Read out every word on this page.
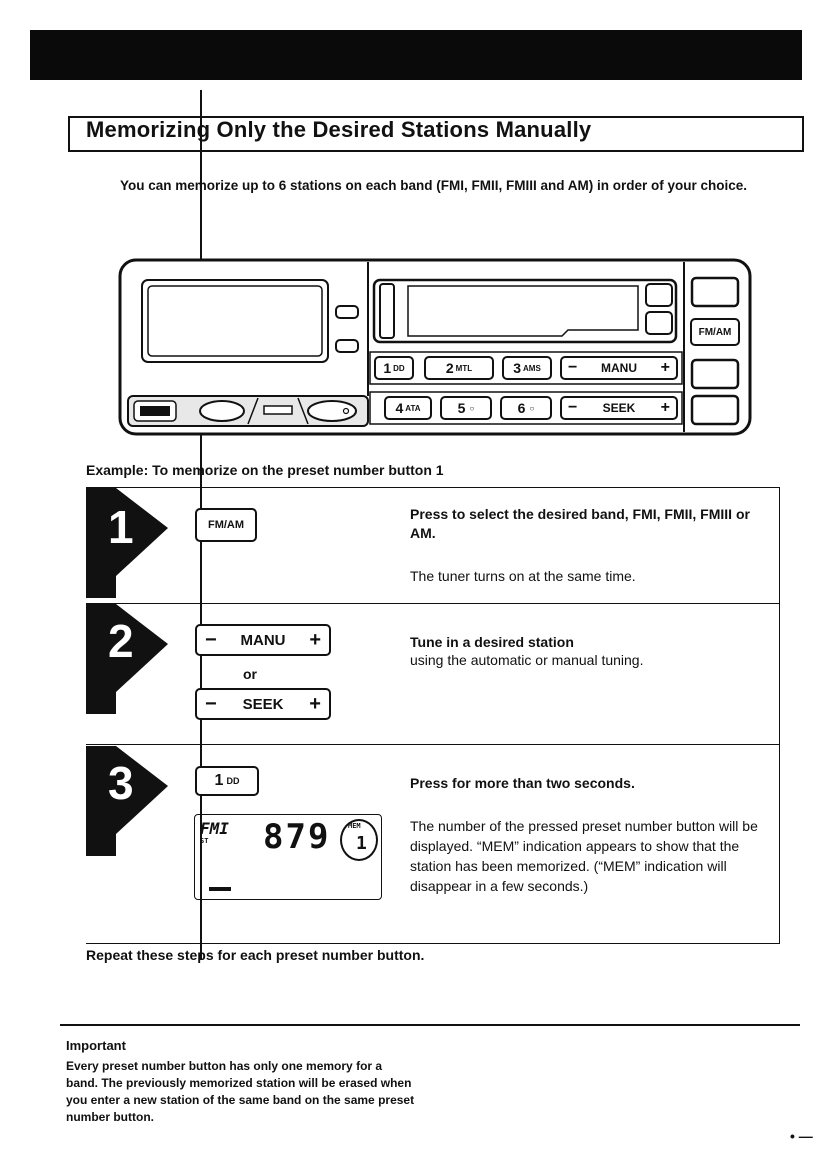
Memorizing Only the Desired Stations Manually
You can memorize up to 6 stations on each band (FMI, FMII, FMIII and AM) in order of your choice.
1 DD	2 MTL	3 AMS − MANU +
4 ATA	5 ○	6 ○ − SEEK +
FM/AM
Example: To memorize on the preset number button 1
1	FM/AM
Press to select the desired band, FMI, FMII, FMIII or AM.
The tuner turns on at the same time.
2	− MANU +
or
− SEEK +
Tune in a desired station
using the automatic or manual tuning.
3	1 DD
FMI
ST 879	MEM
1
Press for more than two seconds.
The number of the pressed preset number button will be displayed. “MEM” indication appears to show that the station has been memorized. (“MEM” indication will disappear in a few seconds.)
Repeat these steps for each preset number button.
Important
Every preset number button has only one memory for a band. The previously memorized station will be erased when you enter a new station of the same band on the same preset number button.
• —
